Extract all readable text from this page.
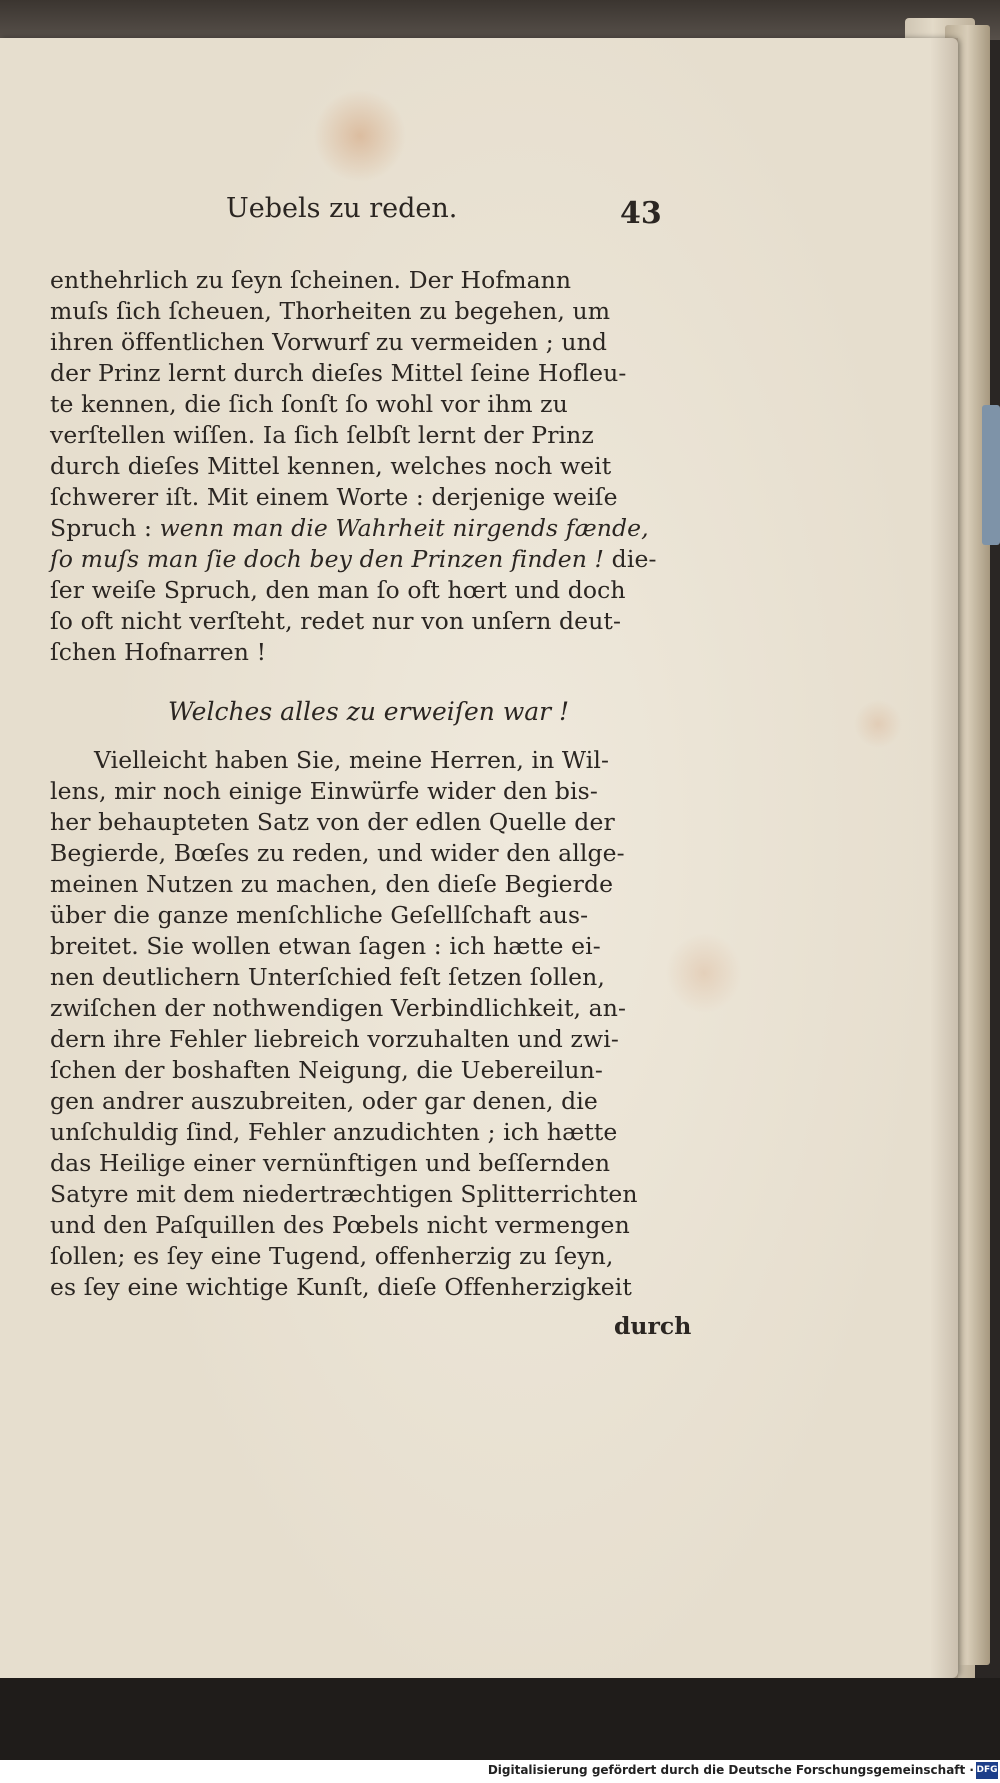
Uebels zu reden.	43
enthehrlich zu ſeyn ſcheinen. Der Hofmann
muſs ſich ſcheuen, Thorheiten zu begehen, um
ihren öffentlichen Vorwurf zu vermeiden ; und
der Prinz lernt durch dieſes Mittel ſeine Hofleu-
te kennen, die ſich ſonſt ſo wohl vor ihm zu
verſtellen wiſſen. Ia ſich ſelbſt lernt der Prinz
durch dieſes Mittel kennen, welches noch weit
ſchwerer iſt. Mit einem Worte : derjenige weiſe
Spruch : wenn man die Wahrheit nirgends fænde,
ſo muſs man ſie doch bey den Prinzen finden ! die-
ſer weiſe Spruch, den man ſo oft hœrt und doch
ſo oft nicht verſteht, redet nur von unſern deut-
ſchen Hofnarren !
Welches alles zu erweiſen war !
Vielleicht haben Sie, meine Herren, in Wil-
lens, mir noch einige Einwürfe wider den bis-
her behaupteten Satz von der edlen Quelle der
Begierde, Bœſes zu reden, und wider den allge-
meinen Nutzen zu machen, den dieſe Begierde
über die ganze menſchliche Geſellſchaft aus-
breitet. Sie wollen etwan ſagen : ich hætte ei-
nen deutlichern Unterſchied feſt ſetzen ſollen,
zwiſchen der nothwendigen Verbindlichkeit, an-
dern ihre Fehler liebreich vorzuhalten und zwi-
ſchen der boshaften Neigung, die Uebereilun-
gen andrer auszubreiten, oder gar denen, die
unſchuldig ſind, Fehler anzudichten ; ich hætte
das Heilige einer vernünftigen und beſſernden
Satyre mit dem niedertræchtigen Splitterrichten
und den Paſquillen des Pœbels nicht vermengen
ſollen; es ſey eine Tugend, offenherzig zu ſeyn,
es ſey eine wichtige Kunſt, dieſe Offenherzigkeit
durch
Digitalisierung gefördert durch die Deutsche Forschungsgemeinschaft · DFG
